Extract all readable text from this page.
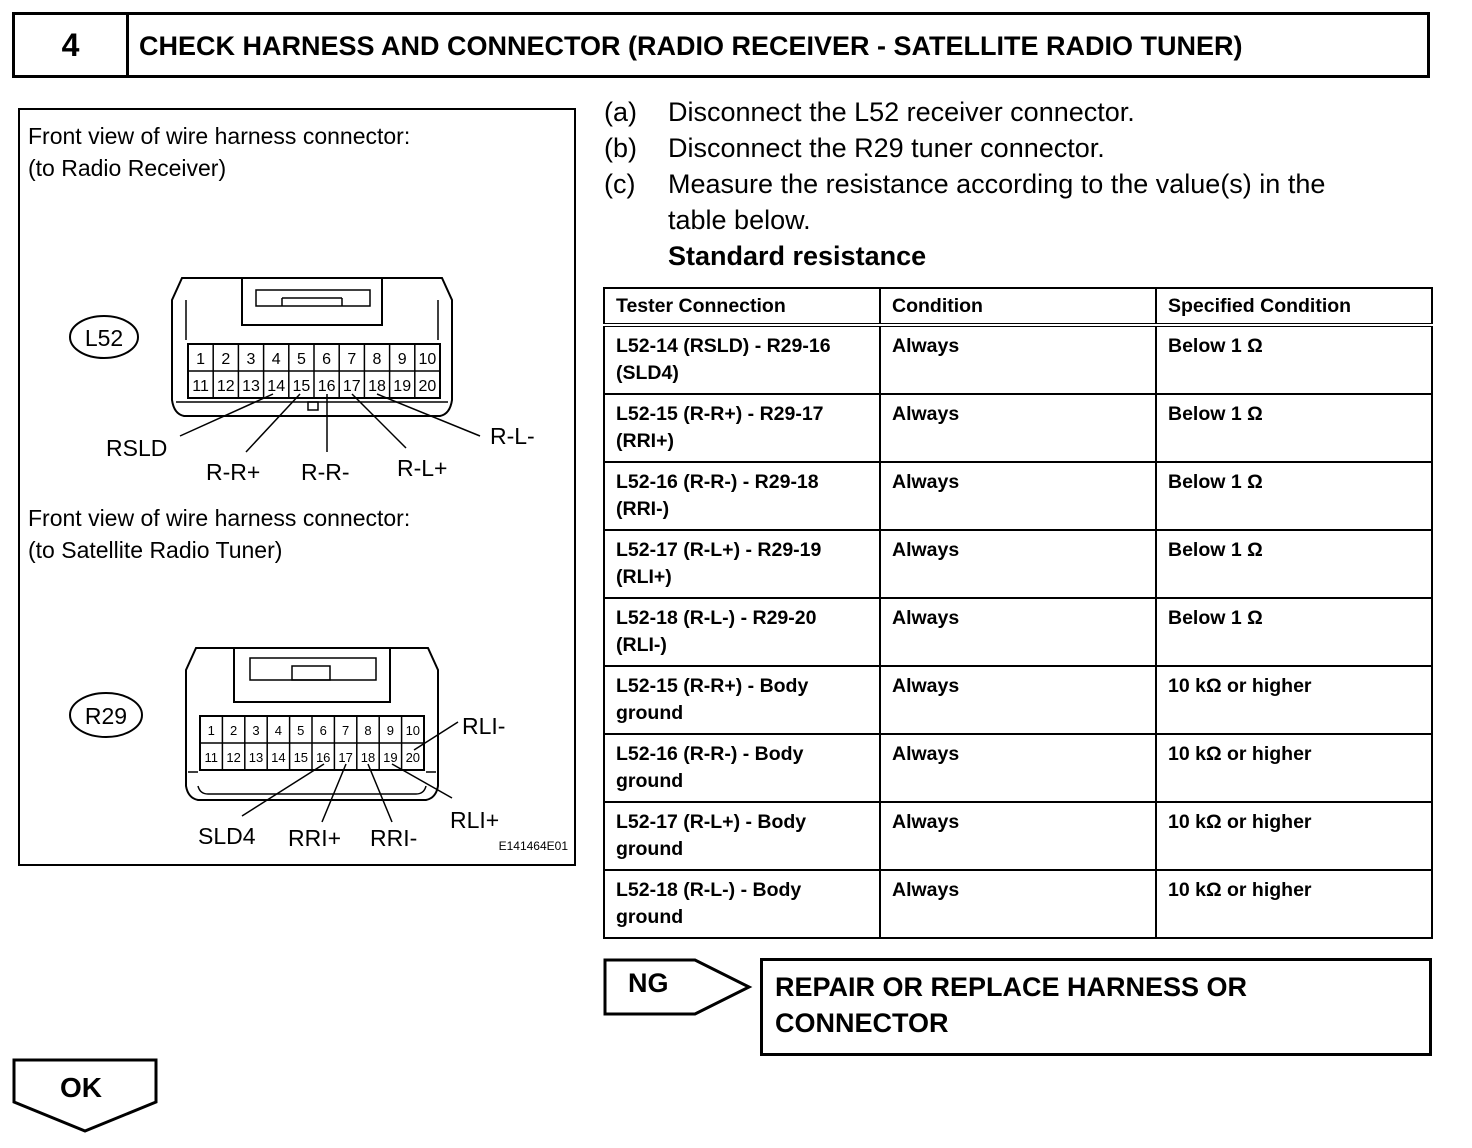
4	CHECK HARNESS AND CONNECTOR (RADIO RECEIVER - SATELLITE RADIO TUNER)
Front view of wire harness connector:
(to Radio Receiver)
Front view of wire harness connector:
(to Satellite Radio Tuner)
L52
1 2 3 4 5 6 7 8 9 10
11 12 13 14 15 16 17 18 19 20
RSLD
R-R+ R-R- R-L+
R-L-
R29
1 2 3 4 5 6 7 8 9 10
11 12 13 14 15 16 17 18 19 20
SLD4 RRI+ RRI-
RLI+
RLI-
E141464E01
(a) Disconnect the L52 receiver connector.
(b) Disconnect the R29 tuner connector.
(c) Measure the resistance according to the value(s) in the
table below.
Standard resistance
Tester Connection	Condition	Specified Condition
L52-14 (RSLD) - R29-16
(SLD4)	Always	Below 1 Ω
L52-15 (R-R+) - R29-17
(RRI+)	Always	Below 1 Ω
L52-16 (R-R-) - R29-18
(RRI-)	Always	Below 1 Ω
L52-17 (R-L+) - R29-19
(RLI+)	Always	Below 1 Ω
L52-18 (R-L-) - R29-20
(RLI-)	Always	Below 1 Ω
L52-15 (R-R+) - Body
ground	Always	10 kΩ or higher
L52-16 (R-R-) - Body
ground	Always	10 kΩ or higher
L52-17 (R-L+) - Body
ground	Always	10 kΩ or higher
L52-18 (R-L-) - Body
ground	Always	10 kΩ or higher
NG	REPAIR OR REPLACE HARNESS OR
CONNECTOR
OK
